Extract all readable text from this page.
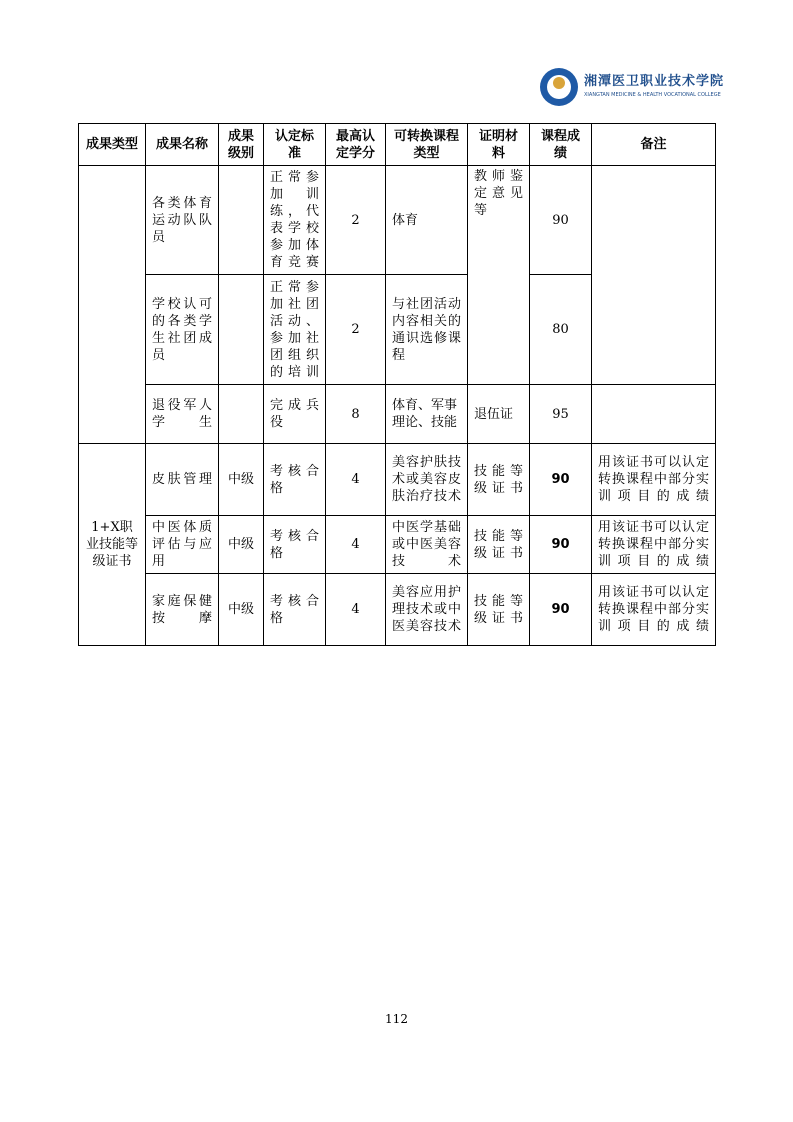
湘潭医卫职业技术学院
XIANGTAN MEDICINE & HEALTH VOCATIONAL COLLEGE
成果类型	成果名称	成果级别	认定标准	最高认定学分	可转换课程类型	证明材料	课程成绩	备注
	各类体育运动队队员		正常参加训练，代表学校参加体育竞赛	2	体育	教师鉴定意见等	90	
	学校认可的各类学生社团成员		正常参加社团活动、参加社团组织的培训	2	与社团活动内容相关的通识选修课程		80	
	退役军人学生		完成兵役	8	体育、军事理论、技能	退伍证	95	
1+X职业技能等级证书	皮肤管理	中级	考核合格	4	美容护肤技术或美容皮肤治疗技术	技能等级证书	90	用该证书可以认定转换课程中部分实训项目的成绩
	中医体质评估与应用	中级	考核合格	4	中医学基础或中医美容技术	技能等级证书	90	用该证书可以认定转换课程中部分实训项目的成绩
	家庭保健按摩	中级	考核合格	4	美容应用护理技术或中医美容技术	技能等级证书	90	用该证书可以认定转换课程中部分实训项目的成绩
112
